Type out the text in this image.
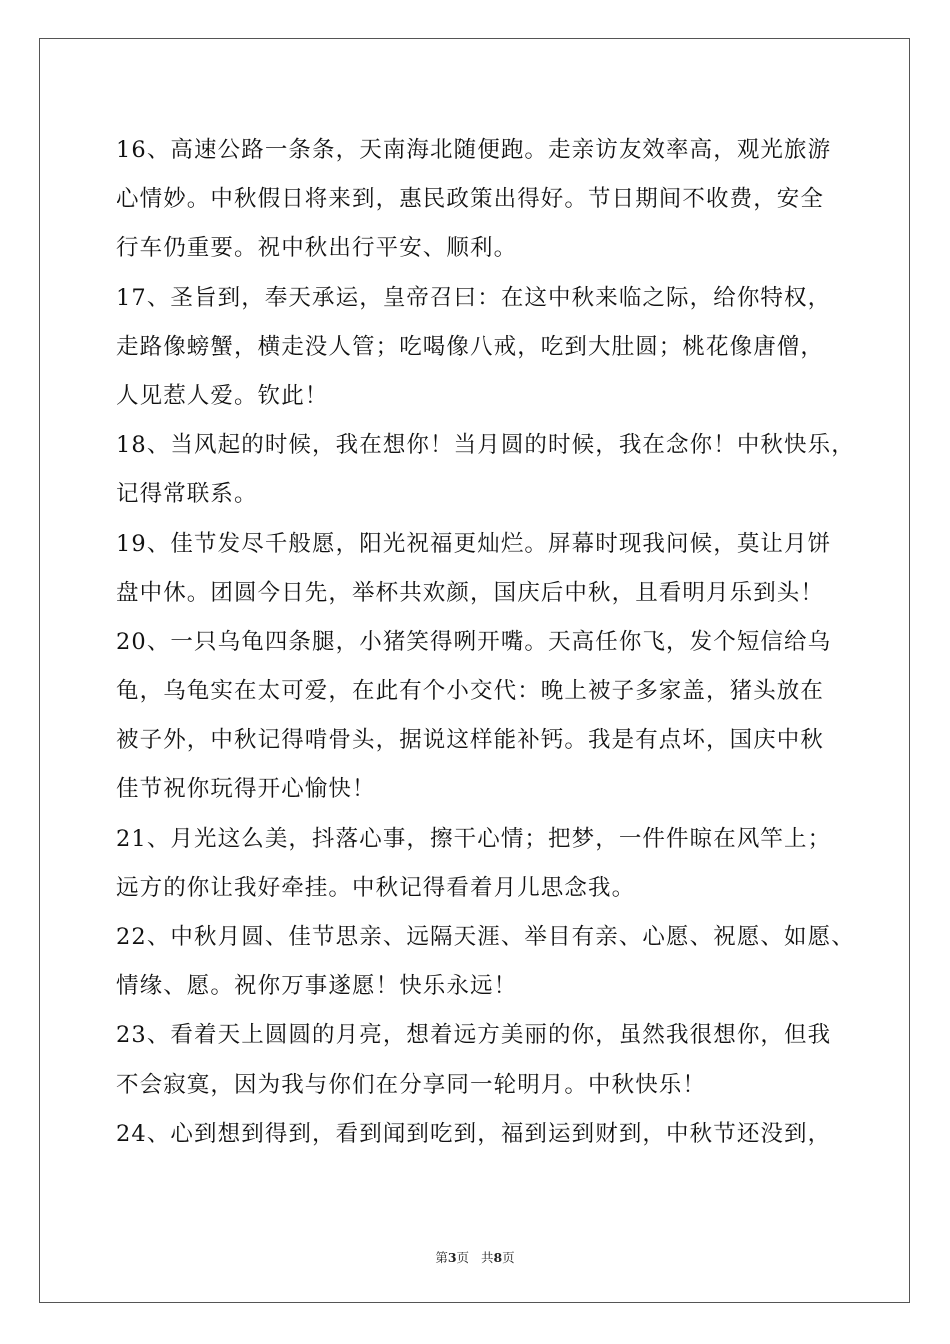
16、高速公路一条条，天南海北随便跑。走亲访友效率高，观光旅游
心情妙。中秋假日将来到，惠民政策出得好。节日期间不收费，安全
行车仍重要。祝中秋出行平安、顺利。
17、圣旨到，奉天承运，皇帝召曰：在这中秋来临之际，给你特权，
走路像螃蟹，横走没人管；吃喝像八戒，吃到大肚圆；桃花像唐僧，
人见惹人爱。钦此！
18、当风起的时候，我在想你！当月圆的时候，我在念你！中秋快乐，
记得常联系。
19、佳节发尽千般愿，阳光祝福更灿烂。屏幕时现我问候，莫让月饼
盘中休。团圆今日先，举杯共欢颜，国庆后中秋，且看明月乐到头！
20、一只乌龟四条腿，小猪笑得咧开嘴。天高任你飞，发个短信给乌
龟，乌龟实在太可爱，在此有个小交代：晚上被子多家盖，猪头放在
被子外，中秋记得啃骨头，据说这样能补钙。我是有点坏，国庆中秋
佳节祝你玩得开心愉快！
21、月光这么美，抖落心事，擦干心情；把梦，一件件晾在风竿上；
远方的你让我好牵挂。中秋记得看着月儿思念我。
22、中秋月圆、佳节思亲、远隔天涯、举目有亲、心愿、祝愿、如愿、
情缘、愿。祝你万事遂愿！快乐永远！
23、看着天上圆圆的月亮，想着远方美丽的你，虽然我很想你，但我
不会寂寞，因为我与你们在分享同一轮明月。中秋快乐！
24、心到想到得到，看到闻到吃到，福到运到财到，中秋节还没到，
第3页   共8页
